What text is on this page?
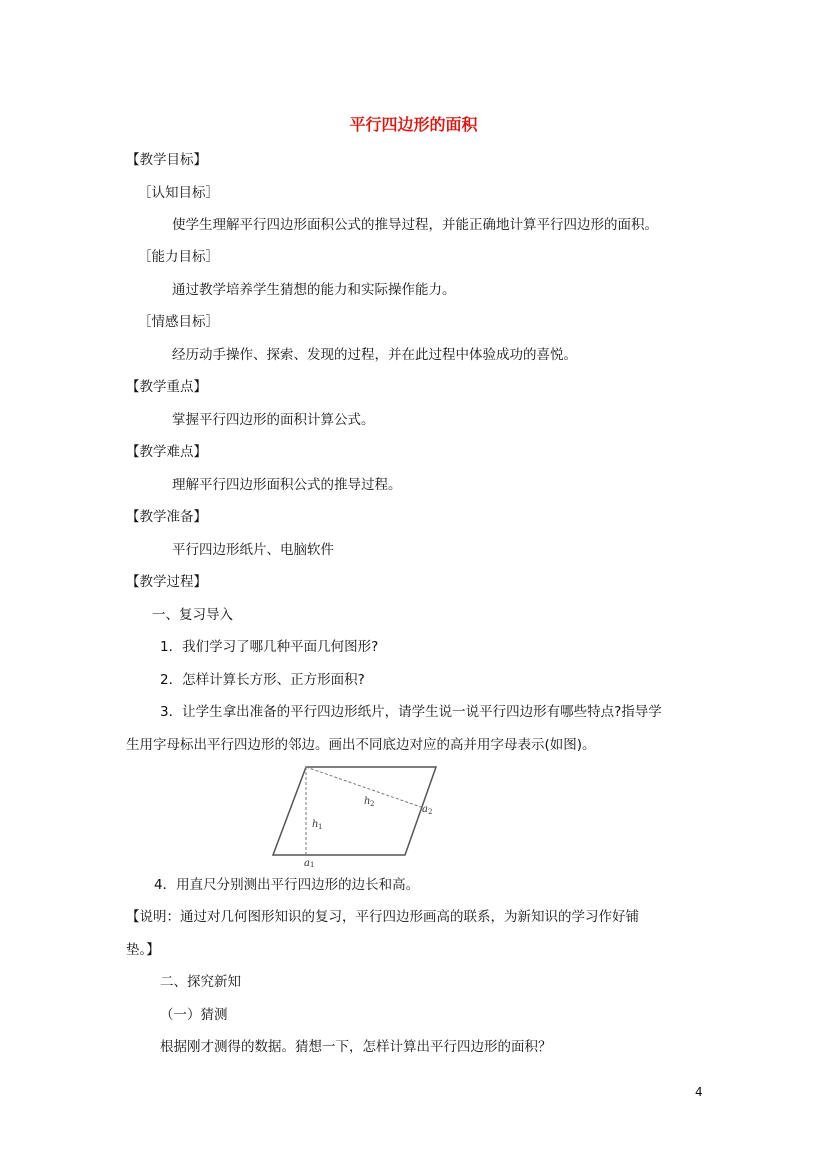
平行四边形的面积
【教学目标】
［认知目标］
使学生理解平行四边形面积公式的推导过程，并能正确地计算平行四边形的面积。
［能力目标］
通过教学培养学生猜想的能力和实际操作能力。
［情感目标］
经历动手操作、探索、发现的过程，并在此过程中体验成功的喜悦。
【教学重点】
掌握平行四边形的面积计算公式。
【教学难点】
理解平行四边形面积公式的推导过程。
【教学准备】
平行四边形纸片、电脑软件
【教学过程】
一、复习导入
1．我们学习了哪几种平面几何图形?
2．怎样计算长方形、正方形面积?
3．让学生拿出准备的平行四边形纸片，请学生说一说平行四边形有哪些特点?指导学
生用字母标出平行四边形的邻边。画出不同底边对应的高并用字母表示(如图)。
h 1
h 2
a 1
a 2
4．用直尺分别测出平行四边形的边长和高。
【说明：通过对几何图形知识的复习，平行四边形画高的联系，为新知识的学习作好铺
垫。】
二、探究新知
（一）猜测
根据刚才测得的数据。猜想一下，怎样计算出平行四边形的面积？
4
